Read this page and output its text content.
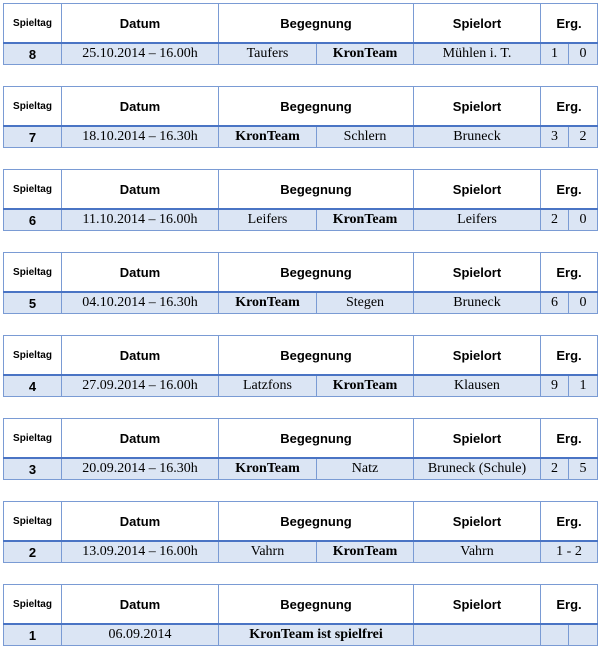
Spieltag	Datum	Begegnung		Spielort	Erg.	
8	25.10.2014 – 16.00h	Taufers	KronTeam	Mühlen i. T.	1	0
Spieltag	Datum	Begegnung		Spielort	Erg.	
7	18.10.2014 – 16.30h	KronTeam	Schlern	Bruneck	3	2
Spieltag	Datum	Begegnung		Spielort	Erg.	
6	11.10.2014 – 16.00h	Leifers	KronTeam	Leifers	2	0
Spieltag	Datum	Begegnung		Spielort	Erg.	
5	04.10.2014 – 16.30h	KronTeam	Stegen	Bruneck	6	0
Spieltag	Datum	Begegnung		Spielort	Erg.	
4	27.09.2014 – 16.00h	Latzfons	KronTeam	Klausen	9	1
Spieltag	Datum	Begegnung		Spielort	Erg.	
3	20.09.2014 – 16.30h	KronTeam	Natz	Bruneck (Schule)	2	5
Spieltag	Datum	Begegnung		Spielort	Erg.
2	13.09.2014 – 16.00h	Vahrn	KronTeam	Vahrn	1 - 2
Spieltag	Datum	Begegnung	Spielort	Erg.	
1	06.09.2014	KronTeam ist spielfrei			
